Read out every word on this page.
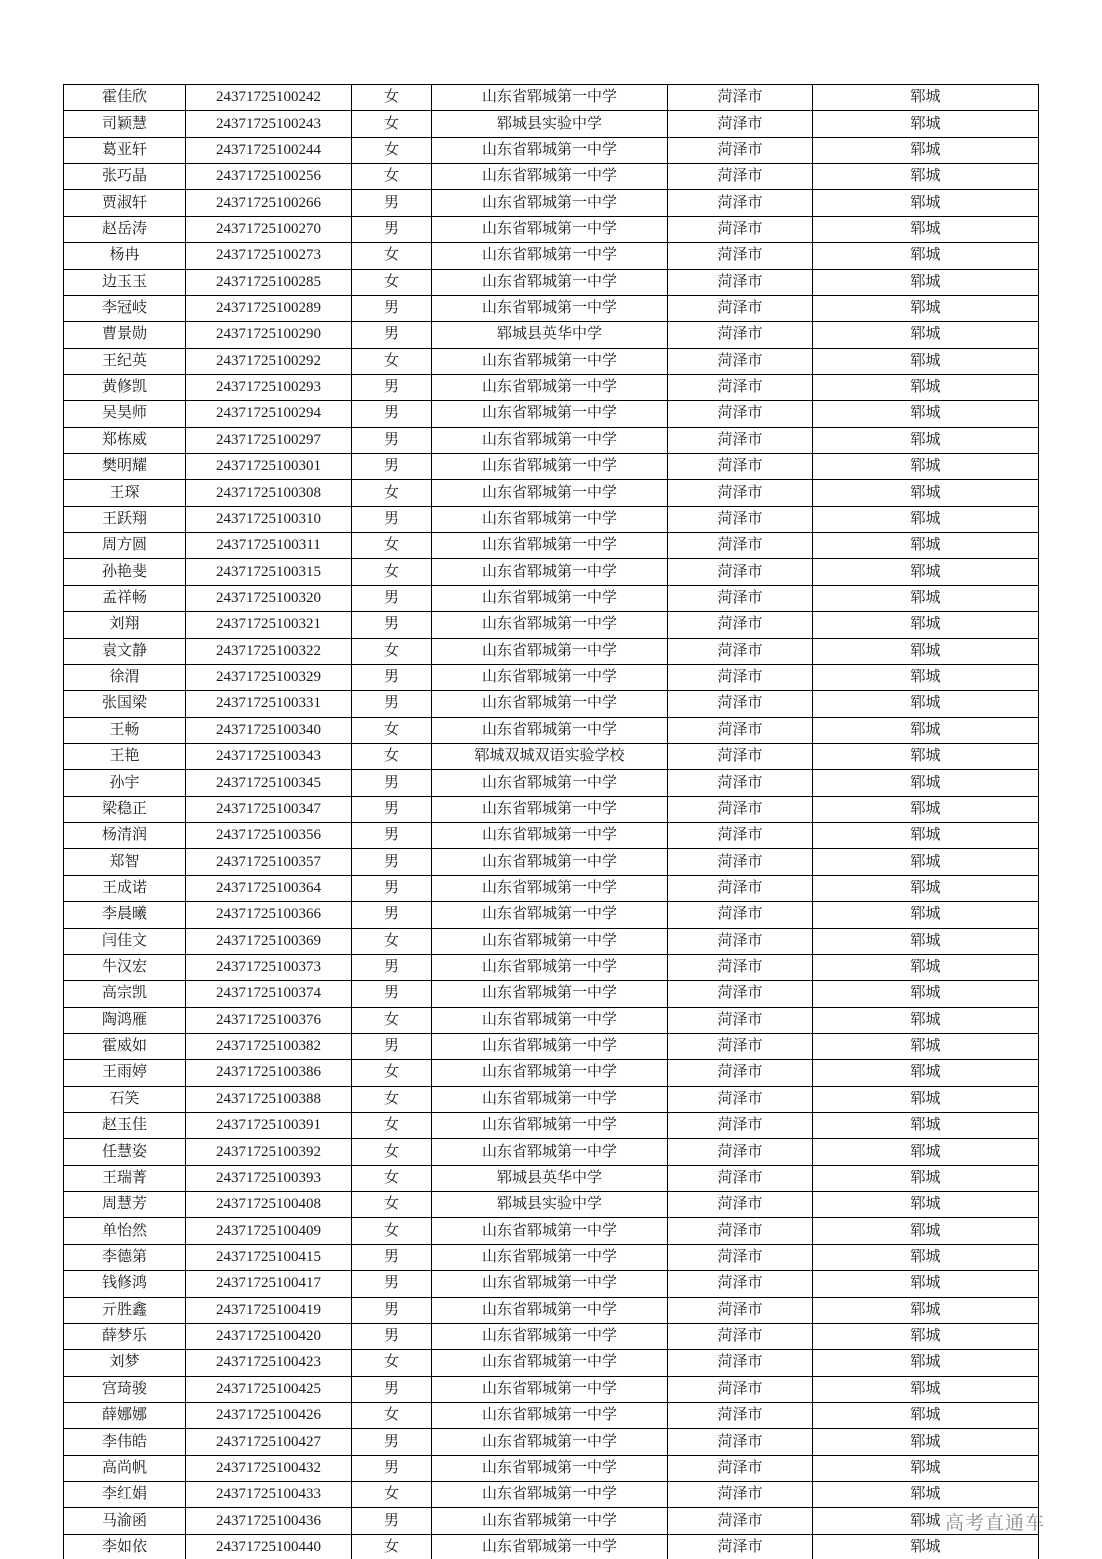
霍佳欣	24371725100242	女	山东省郓城第一中学	菏泽市	郓城
司颖慧	24371725100243	女	郓城县实验中学	菏泽市	郓城
葛亚轩	24371725100244	女	山东省郓城第一中学	菏泽市	郓城
张巧晶	24371725100256	女	山东省郓城第一中学	菏泽市	郓城
贾淑轩	24371725100266	男	山东省郓城第一中学	菏泽市	郓城
赵岳涛	24371725100270	男	山东省郓城第一中学	菏泽市	郓城
杨冉	24371725100273	女	山东省郓城第一中学	菏泽市	郓城
边玉玉	24371725100285	女	山东省郓城第一中学	菏泽市	郓城
李冠岐	24371725100289	男	山东省郓城第一中学	菏泽市	郓城
曹景勋	24371725100290	男	郓城县英华中学	菏泽市	郓城
王纪英	24371725100292	女	山东省郓城第一中学	菏泽市	郓城
黄修凯	24371725100293	男	山东省郓城第一中学	菏泽市	郓城
吴昊师	24371725100294	男	山东省郓城第一中学	菏泽市	郓城
郑栋威	24371725100297	男	山东省郓城第一中学	菏泽市	郓城
樊明耀	24371725100301	男	山东省郓城第一中学	菏泽市	郓城
王琛	24371725100308	女	山东省郓城第一中学	菏泽市	郓城
王跃翔	24371725100310	男	山东省郓城第一中学	菏泽市	郓城
周方圆	24371725100311	女	山东省郓城第一中学	菏泽市	郓城
孙艳斐	24371725100315	女	山东省郓城第一中学	菏泽市	郓城
孟祥畅	24371725100320	男	山东省郓城第一中学	菏泽市	郓城
刘翔	24371725100321	男	山东省郓城第一中学	菏泽市	郓城
袁文静	24371725100322	女	山东省郓城第一中学	菏泽市	郓城
徐渭	24371725100329	男	山东省郓城第一中学	菏泽市	郓城
张国梁	24371725100331	男	山东省郓城第一中学	菏泽市	郓城
王畅	24371725100340	女	山东省郓城第一中学	菏泽市	郓城
王艳	24371725100343	女	郓城双城双语实验学校	菏泽市	郓城
孙宇	24371725100345	男	山东省郓城第一中学	菏泽市	郓城
梁稳正	24371725100347	男	山东省郓城第一中学	菏泽市	郓城
杨清润	24371725100356	男	山东省郓城第一中学	菏泽市	郓城
郑智	24371725100357	男	山东省郓城第一中学	菏泽市	郓城
王成诺	24371725100364	男	山东省郓城第一中学	菏泽市	郓城
李晨曦	24371725100366	男	山东省郓城第一中学	菏泽市	郓城
闫佳文	24371725100369	女	山东省郓城第一中学	菏泽市	郓城
牛汉宏	24371725100373	男	山东省郓城第一中学	菏泽市	郓城
高宗凯	24371725100374	男	山东省郓城第一中学	菏泽市	郓城
陶鸿雁	24371725100376	女	山东省郓城第一中学	菏泽市	郓城
霍威如	24371725100382	男	山东省郓城第一中学	菏泽市	郓城
王雨婷	24371725100386	女	山东省郓城第一中学	菏泽市	郓城
石笑	24371725100388	女	山东省郓城第一中学	菏泽市	郓城
赵玉佳	24371725100391	女	山东省郓城第一中学	菏泽市	郓城
任慧姿	24371725100392	女	山东省郓城第一中学	菏泽市	郓城
王瑞菁	24371725100393	女	郓城县英华中学	菏泽市	郓城
周慧芳	24371725100408	女	郓城县实验中学	菏泽市	郓城
单怡然	24371725100409	女	山东省郓城第一中学	菏泽市	郓城
李德第	24371725100415	男	山东省郓城第一中学	菏泽市	郓城
钱修鸿	24371725100417	男	山东省郓城第一中学	菏泽市	郓城
亓胜鑫	24371725100419	男	山东省郓城第一中学	菏泽市	郓城
薛梦乐	24371725100420	男	山东省郓城第一中学	菏泽市	郓城
刘梦	24371725100423	女	山东省郓城第一中学	菏泽市	郓城
宫琦骏	24371725100425	男	山东省郓城第一中学	菏泽市	郓城
薛娜娜	24371725100426	女	山东省郓城第一中学	菏泽市	郓城
李伟皓	24371725100427	男	山东省郓城第一中学	菏泽市	郓城
高尚帆	24371725100432	男	山东省郓城第一中学	菏泽市	郓城
李红娟	24371725100433	女	山东省郓城第一中学	菏泽市	郓城
马渝函	24371725100436	男	山东省郓城第一中学	菏泽市	郓城
李如依	24371725100440	女	山东省郓城第一中学	菏泽市	郓城
高考直通车
